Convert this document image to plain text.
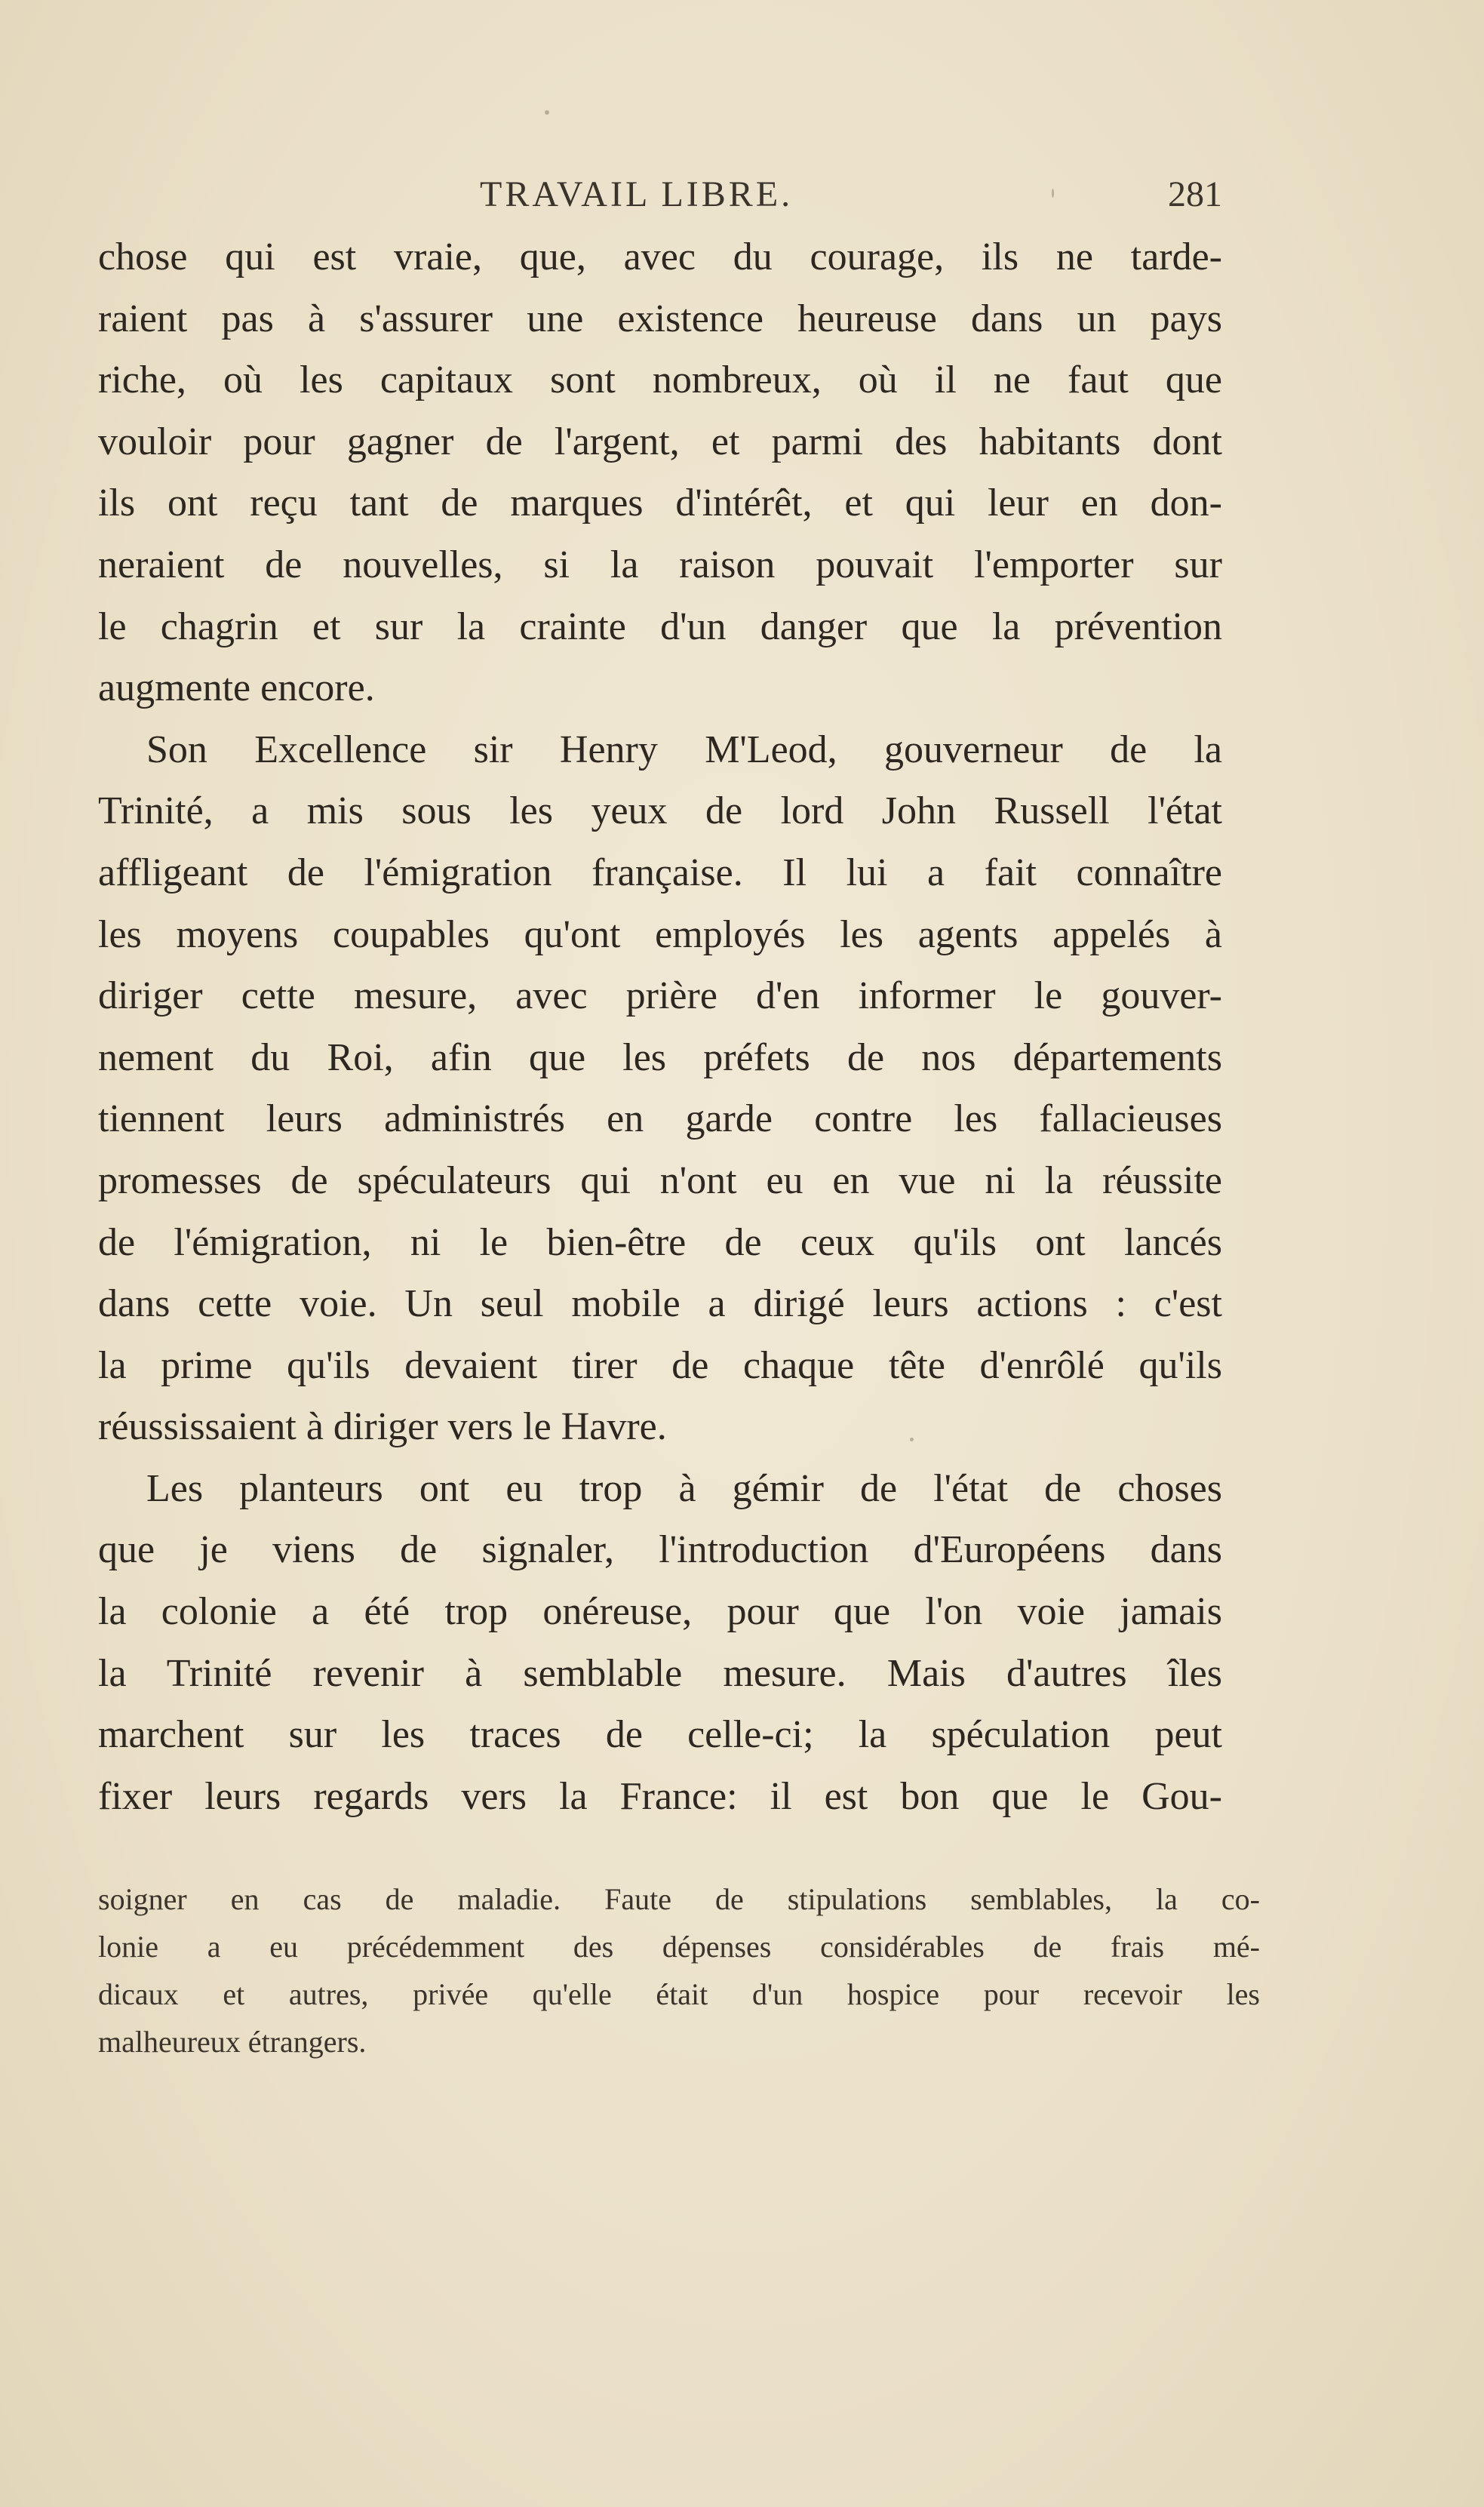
TRAVAIL LIBRE.	281
chose qui est vraie, que, avec du courage, ils ne tarde-
raient pas à s'assurer une existence heureuse dans un pays
riche, où les capitaux sont nombreux, où il ne faut que
vouloir pour gagner de l'argent, et parmi des habitants dont
ils ont reçu tant de marques d'intérêt, et qui leur en don-
neraient de nouvelles, si la raison pouvait l'emporter sur
le chagrin et sur la crainte d'un danger que la prévention
augmente encore.
Son Excellence sir Henry M'Leod, gouverneur de la
Trinité, a mis sous les yeux de lord John Russell l'état
affligeant de l'émigration française. Il lui a fait connaître
les moyens coupables qu'ont employés les agents appelés à
diriger cette mesure, avec prière d'en informer le gouver-
nement du Roi, afin que les préfets de nos départements
tiennent leurs administrés en garde contre les fallacieuses
promesses de spéculateurs qui n'ont eu en vue ni la réussite
de l'émigration, ni le bien-être de ceux qu'ils ont lancés
dans cette voie. Un seul mobile a dirigé leurs actions : c'est
la prime qu'ils devaient tirer de chaque tête d'enrôlé qu'ils
réussissaient à diriger vers le Havre.
Les planteurs ont eu trop à gémir de l'état de choses
que je viens de signaler, l'introduction d'Européens dans
la colonie a été trop onéreuse, pour que l'on voie jamais
la Trinité revenir à semblable mesure. Mais d'autres îles
marchent sur les traces de celle-ci; la spéculation peut
fixer leurs regards vers la France: il est bon que le Gou-
soigner en cas de maladie. Faute de stipulations semblables, la co-
lonie a eu précédemment des dépenses considérables de frais mé-
dicaux et autres, privée qu'elle était d'un hospice pour recevoir les
malheureux étrangers.
